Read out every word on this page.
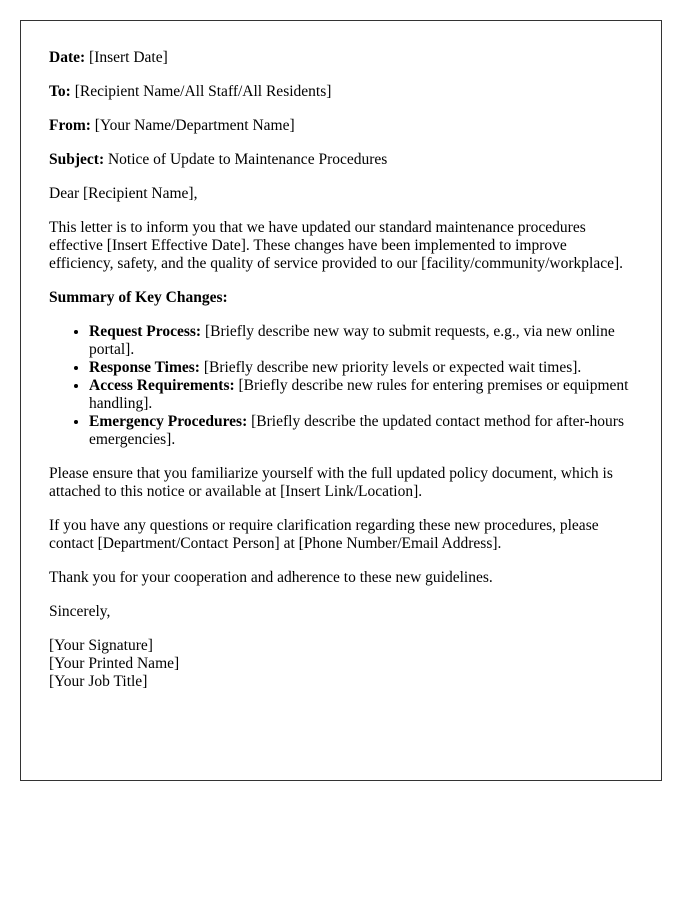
Date: [Insert Date]

To: [Recipient Name/All Staff/All Residents]

From: [Your Name/Department Name]

Subject: Notice of Update to Maintenance Procedures

Dear [Recipient Name],

This letter is to inform you that we have updated our standard maintenance procedures effective [Insert Effective Date]. These changes have been implemented to improve efficiency, safety, and the quality of service provided to our [facility/community/workplace].

Summary of Key Changes:

• Request Process: [Briefly describe new way to submit requests, e.g., via new online portal].
• Response Times: [Briefly describe new priority levels or expected wait times].
• Access Requirements: [Briefly describe new rules for entering premises or equipment handling].
• Emergency Procedures: [Briefly describe the updated contact method for after-hours emergencies].

Please ensure that you familiarize yourself with the full updated policy document, which is attached to this notice or available at [Insert Link/Location].

If you have any questions or require clarification regarding these new procedures, please contact [Department/Contact Person] at [Phone Number/Email Address].

Thank you for your cooperation and adherence to these new guidelines.

Sincerely,

[Your Signature]

[Your Printed Name]

[Your Job Title]
